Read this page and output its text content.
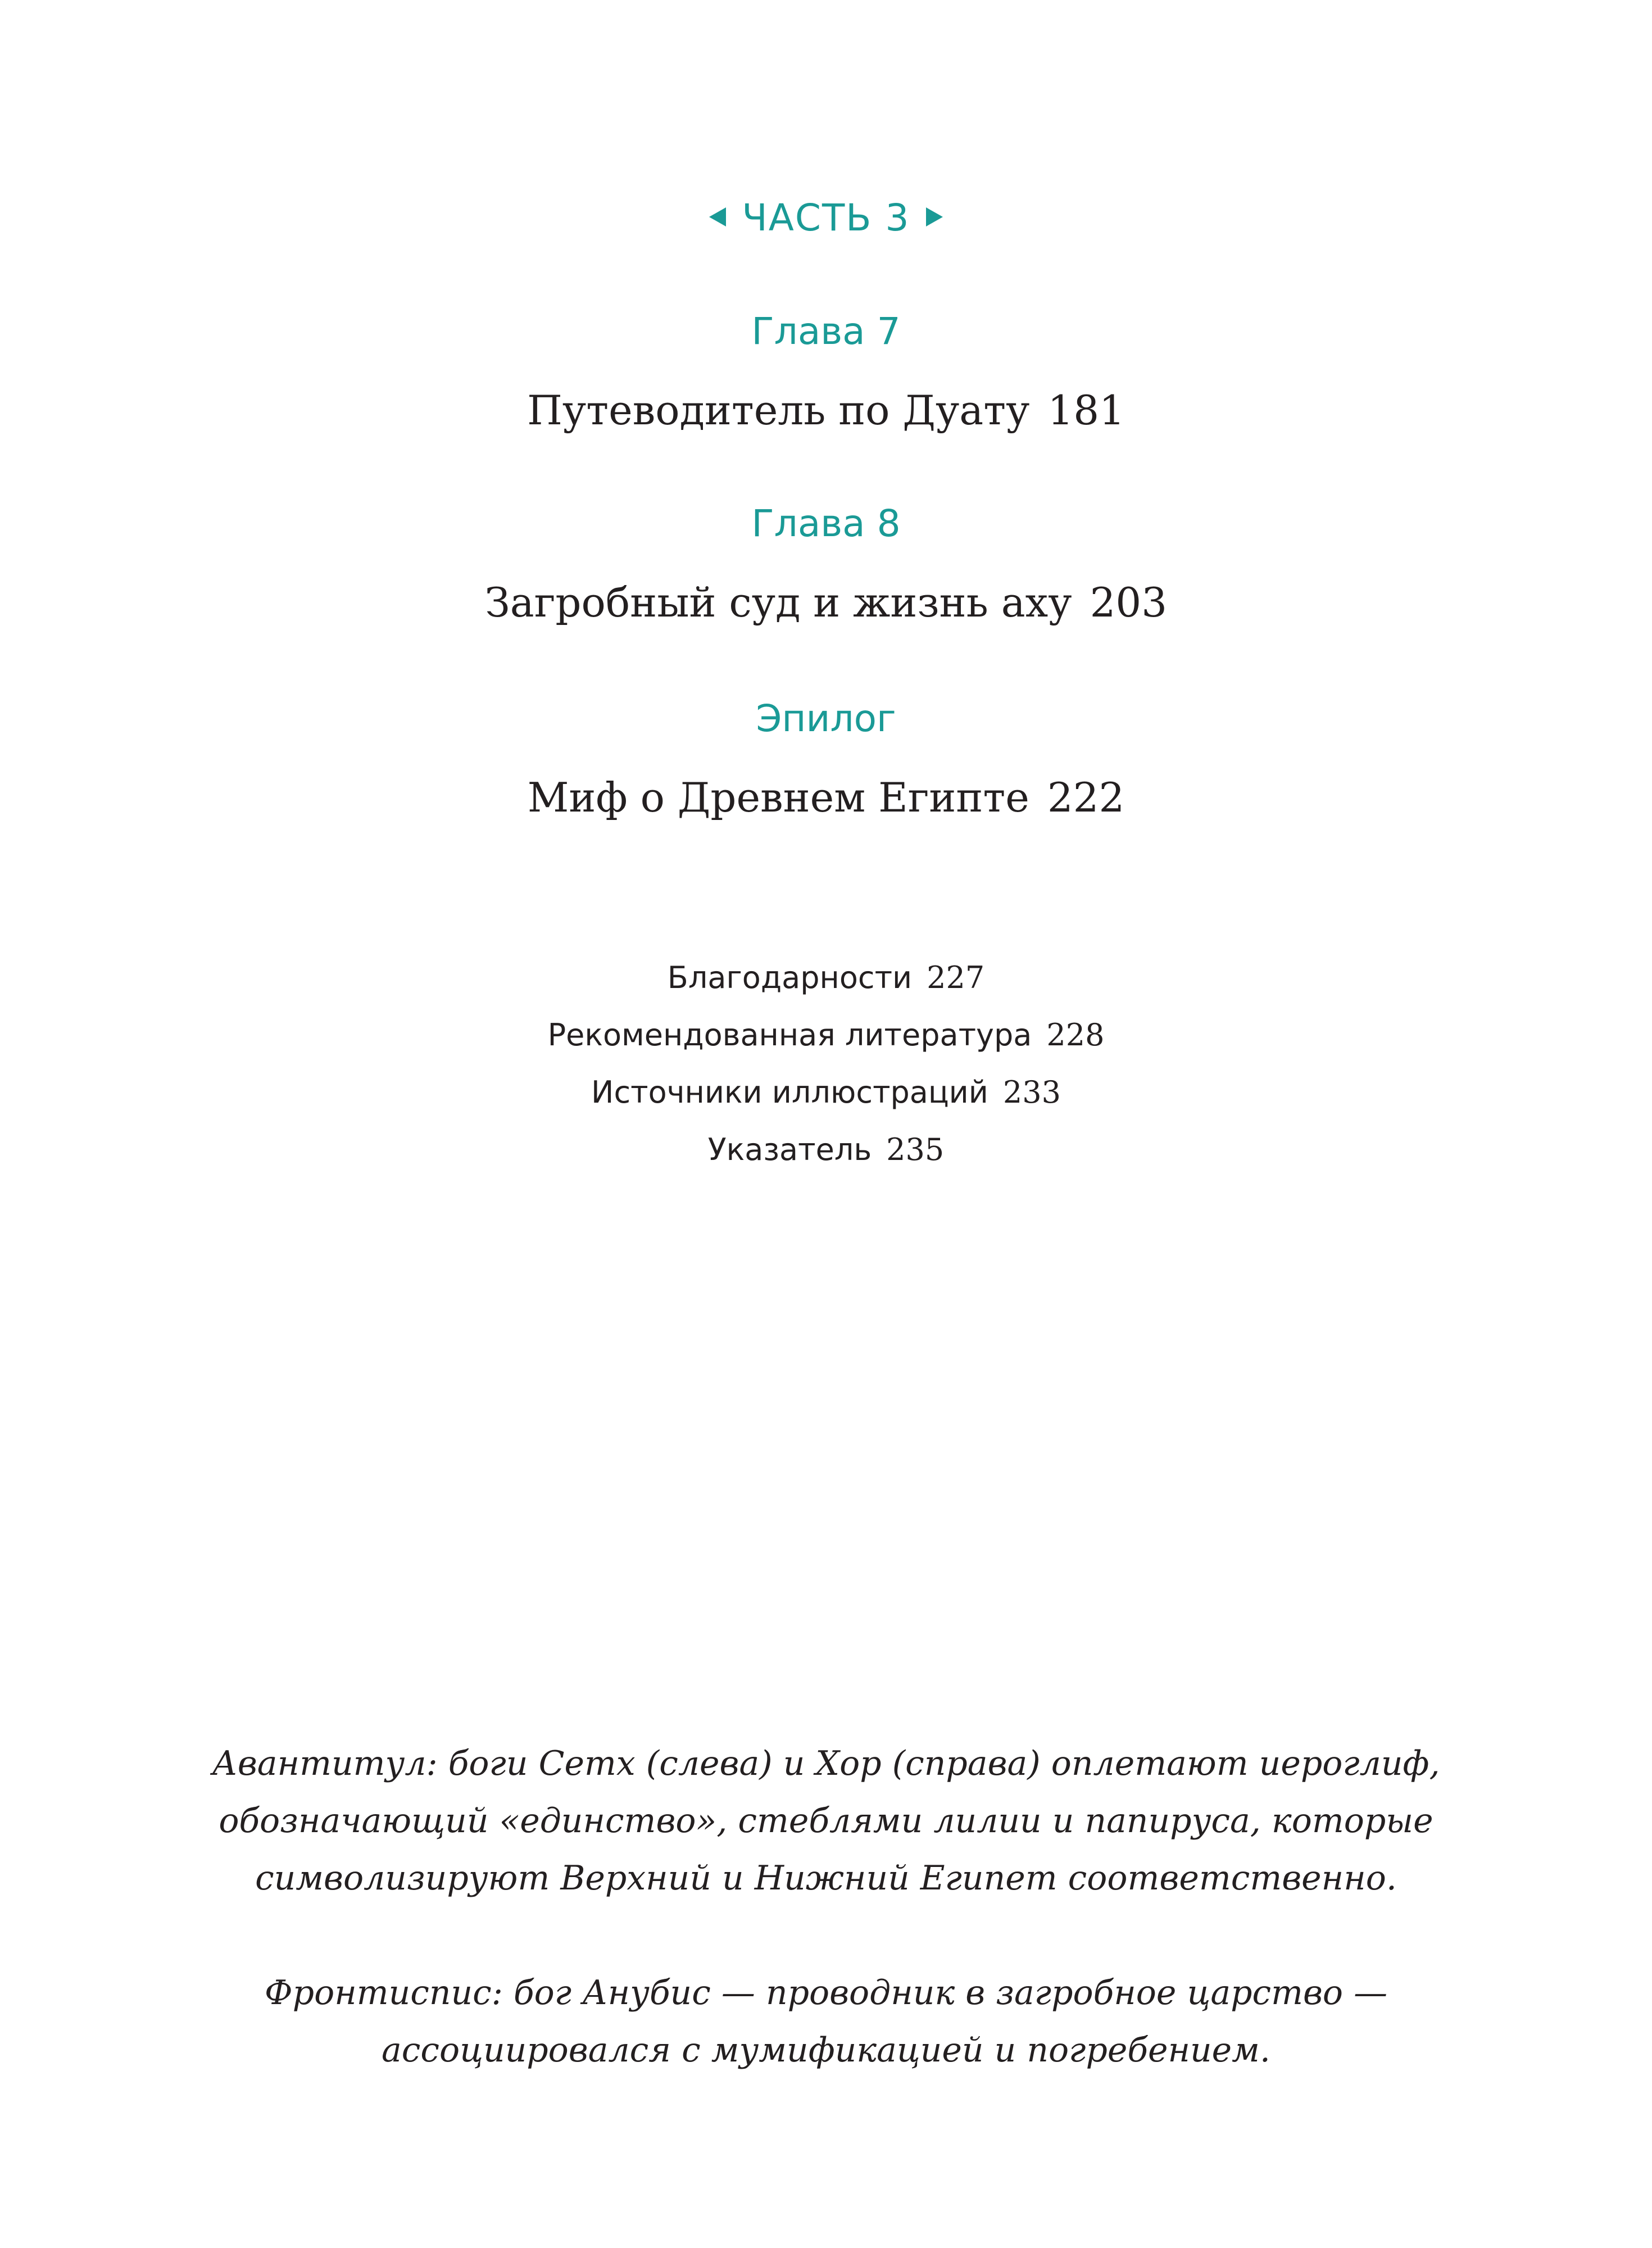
ЧАСТЬ 3
Глава 7
Путеводитель по Дуату 181
Глава 8
Загробный суд и жизнь аху 203
Эпилог
Миф о Древнем Египте 222
Благодарности 227
Рекомендованная литература 228
Источники иллюстраций 233
Указатель 235
Авантитул: боги Сетх (слева) и Хор (справа) оплетают иероглиф,
обозначающий «единство», стеблями лилии и папируса, которые
символизируют Верхний и Нижний Египет соответственно.
Фронтиспис: бог Анубис — проводник в загробное царство —
ассоциировался с мумификацией и погребением.
